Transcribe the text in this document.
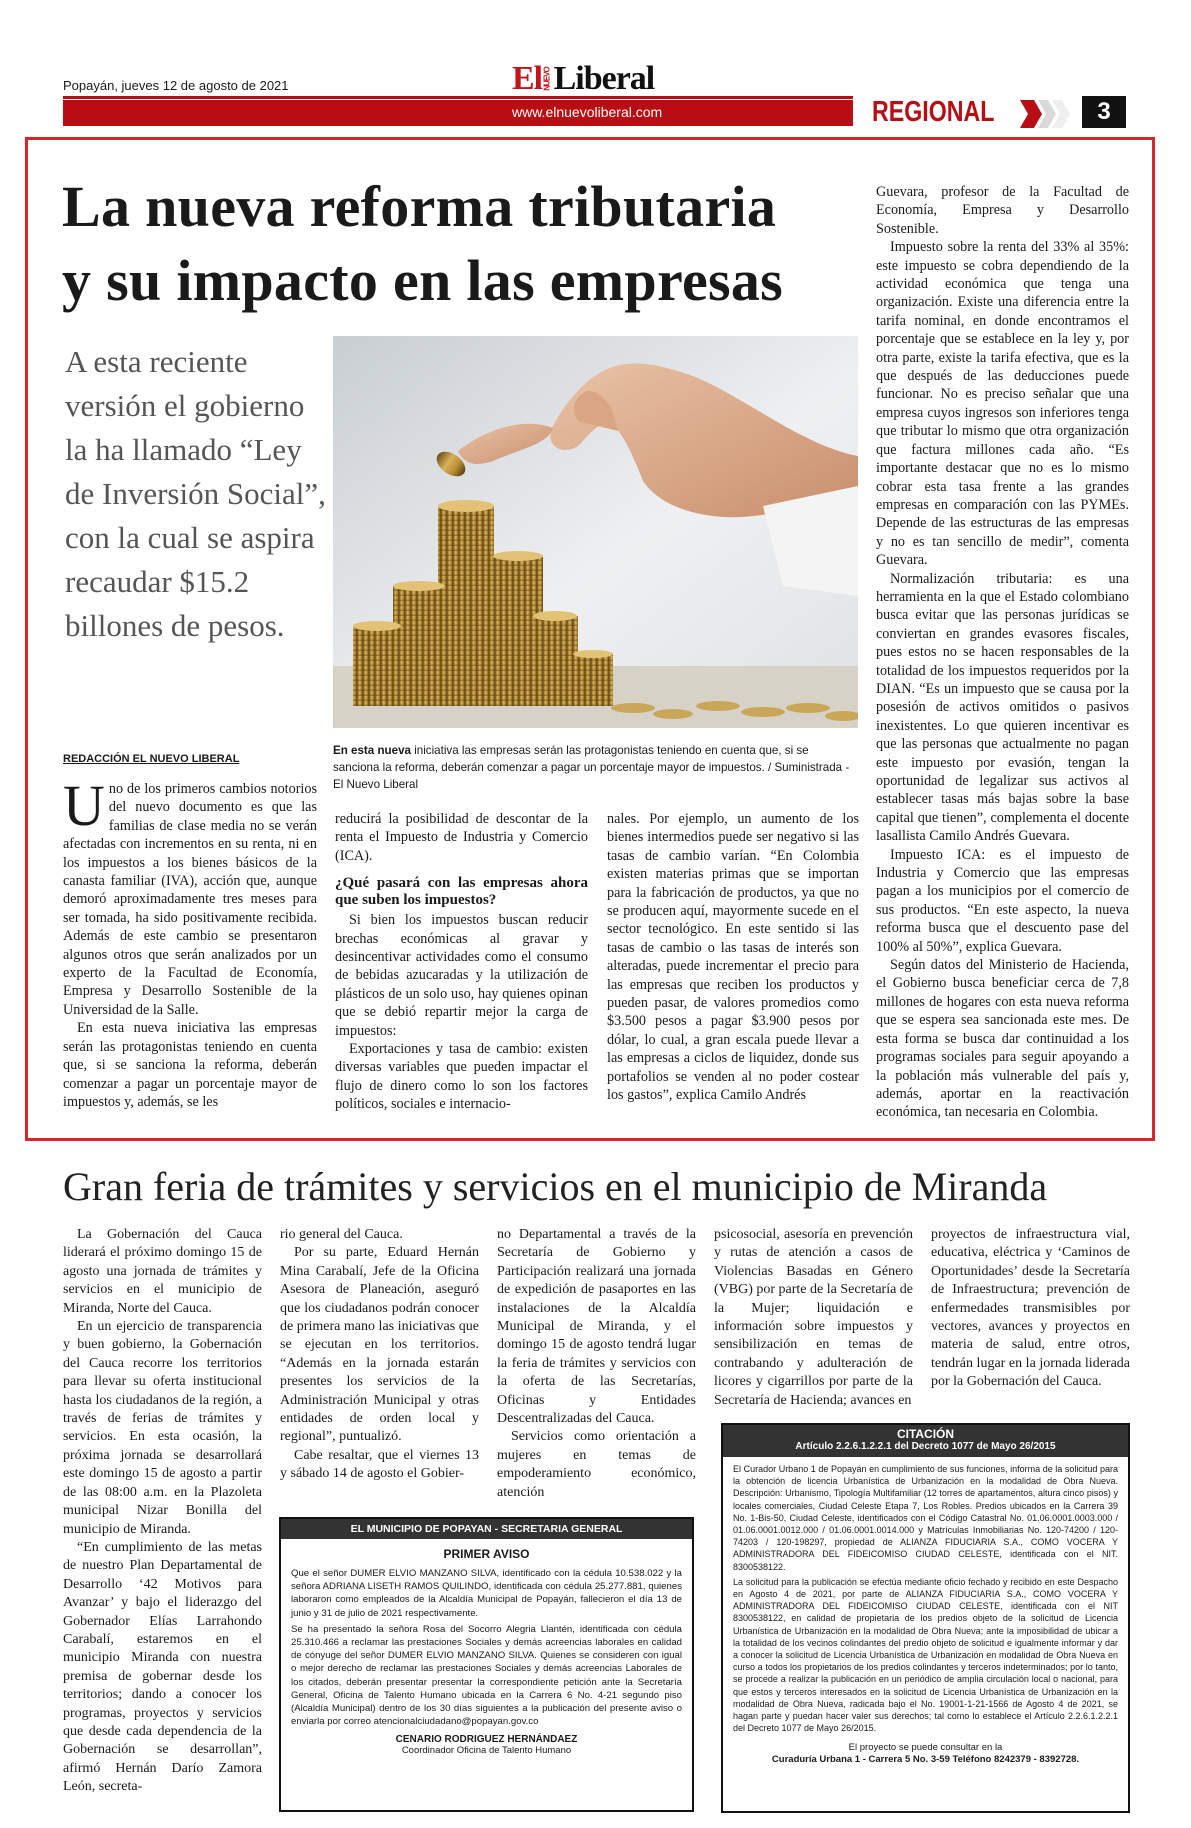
Popayán, jueves 12 de agosto de 2021	ElNUEVOLiberal
www.elnuevoliberal.com	REGIONAL	3
La nueva reforma tributaria
y su impacto en las empresas
A esta reciente versión el gobierno la ha llamado “Ley de Inversión Social”, con la cual se aspira recaudar $15.2 billones de pesos.
En esta nueva iniciativa las empresas serán las protagonistas teniendo en cuenta que, si se sanciona la reforma, deberán comenzar a pagar un porcentaje mayor de impuestos. / Suministrada - El Nuevo Liberal
REDACCIÓN EL NUEVO LIBERAL

Uno de los primeros cambios notorios del nuevo documento es que las familias de clase media no se verán afectadas con incrementos en su renta, ni en los impuestos a los bienes básicos de la canasta familiar (IVA), acción que, aunque demoró aproximadamente tres meses para ser tomada, ha sido positivamente recibida. Además de este cambio se presentaron algunos otros que serán analizados por un experto de la Facultad de Economía, Empresa y Desarrollo Sostenible de la Universidad de la Salle.

En esta nueva iniciativa las empresas serán las protagonistas teniendo en cuenta que, si se sanciona la reforma, deberán comenzar a pagar un porcentaje mayor de impuestos y, además, se les

reducirá la posibilidad de descontar de la renta el Impuesto de Industria y Comercio (ICA).

¿Qué pasará con las empresas ahora que suben los impuestos?

Si bien los impuestos buscan reducir brechas económicas al gravar y desincentivar actividades como el consumo de bebidas azucaradas y la utilización de plásticos de un solo uso, hay quienes opinan que se debió repartir mejor la carga de impuestos:

Exportaciones y tasa de cambio: existen diversas variables que pueden impactar el flujo de dinero como lo son los factores políticos, sociales e internacio-

nales. Por ejemplo, un aumento de los bienes intermedios puede ser negativo si las tasas de cambio varían. “En Colombia existen materias primas que se importan para la fabricación de productos, ya que no se producen aquí, mayormente sucede en el sector tecnológico. En este sentido si las tasas de cambio o las tasas de interés son alteradas, puede incrementar el precio para las empresas que reciben los productos y pueden pasar, de valores promedios como $3.500 pesos a pagar $3.900 pesos por dólar, lo cual, a gran escala puede llevar a las empresas a ciclos de liquidez, donde sus portafolios se venden al no poder costear los gastos”, explica Camilo Andrés

Guevara, profesor de la Facultad de Economía, Empresa y Desarrollo Sostenible.

Impuesto sobre la renta del 33% al 35%: este impuesto se cobra dependiendo de la actividad económica que tenga una organización. Existe una diferencia entre la tarifa nominal, en donde encontramos el porcentaje que se establece en la ley y, por otra parte, existe la tarifa efectiva, que es la que después de las deducciones puede funcionar. No es preciso señalar que una empresa cuyos ingresos son inferiores tenga que tributar lo mismo que otra organización que factura millones cada año. “Es importante destacar que no es lo mismo cobrar esta tasa frente a las grandes empresas en comparación con las PYMEs. Depende de las estructuras de las empresas y no es tan sencillo de medir”, comenta Guevara.

Normalización tributaria: es una herramienta en la que el Estado colombiano busca evitar que las personas jurídicas se conviertan en grandes evasores fiscales, pues estos no se hacen responsables de la totalidad de los impuestos requeridos por la DIAN. “Es un impuesto que se causa por la posesión de activos omitidos o pasivos inexistentes. Lo que quieren incentivar es que las personas que actualmente no pagan este impuesto por evasión, tengan la oportunidad de legalizar sus activos al establecer tasas más bajas sobre la base capital que tienen”, complementa el docente lasallista Camilo Andrés Guevara.

Impuesto ICA: es el impuesto de Industria y Comercio que las empresas pagan a los municipios por el comercio de sus productos. “En este aspecto, la nueva reforma busca que el descuento pase del 100% al 50%”, explica Guevara.

Según datos del Ministerio de Hacienda, el Gobierno busca beneficiar cerca de 7,8 millones de hogares con esta nueva reforma que se espera sea sancionada este mes. De esta forma se busca dar continuidad a los programas sociales para seguir apoyando a la población más vulnerable del país y, además, aportar en la reactivación económica, tan necesaria en Colombia.

Gran feria de trámites y servicios en el municipio de Miranda

La Gobernación del Cauca liderará el próximo domingo 15 de agosto una jornada de trámites y servicios en el municipio de Miranda, Norte del Cauca.

En un ejercicio de transparencia y buen gobierno, la Gobernación del Cauca recorre los territorios para llevar su oferta institucional hasta los ciudadanos de la región, a través de ferias de trámites y servicios. En esta ocasión, la próxima jornada se desarrollará este domingo 15 de agosto a partir de las 08:00 a.m. en la Plazoleta municipal Nizar Bonilla del municipio de Miranda.

“En cumplimiento de las metas de nuestro Plan Departamental de Desarrollo ‘42 Motivos para Avanzar’ y bajo el liderazgo del Gobernador Elías Larrahondo Carabalí, estaremos en el municipio Miranda con nuestra premisa de gobernar desde los territorios; dando a conocer los programas, proyectos y servicios que desde cada dependencia de la Gobernación se desarrollan”, afirmó Hernán Darío Zamora León, secreta-

rio general del Cauca.

Por su parte, Eduard Hernán Mina Carabalí, Jefe de la Oficina Asesora de Planeación, aseguró que los ciudadanos podrán conocer de primera mano las iniciativas que se ejecutan en los territorios. “Además en la jornada estarán presentes los servicios de la Administración Municipal y otras entidades de orden local y regional”, puntualizó.

Cabe resaltar, que el viernes 13 y sábado 14 de agosto el Gobier-

no Departamental a través de la Secretaría de Gobierno y Participación realizará una jornada de expedición de pasaportes en las instalaciones de la Alcaldía Municipal de Miranda, y el domingo 15 de agosto tendrá lugar la feria de trámites y servicios con la oferta de las Secretarías, Oficinas y Entidades Descentralizadas del Cauca.

Servicios como orientación a mujeres en temas de empoderamiento económico, atención

psicosocial, asesoría en prevención y rutas de atención a casos de Violencias Basadas en Género (VBG) por parte de la Secretaría de la Mujer; liquidación e información sobre impuestos y sensibilización en temas de contrabando y adulteración de licores y cigarrillos por parte de la Secretaría de Hacienda; avances en

proyectos de infraestructura vial, educativa, eléctrica y ‘Caminos de Oportunidades’ desde la Secretaría de Infraestructura; prevención de enfermedades transmisibles por vectores, avances y proyectos en materia de salud, entre otros, tendrán lugar en la jornada liderada por la Gobernación del Cauca.

EL MUNICIPIO DE POPAYAN - SECRETARIA GENERAL
PRIMER AVISO

Que el señor DUMER ELVIO MANZANO SILVA, identificado con la cédula 10.538.022 y la señora ADRIANA LISETH RAMOS QUILINDO, identificada con cédula 25.277.881, quienes laboraron como empleados de la Alcaldía Municipal de Popayán, fallecieron el día 13 de junio y 31 de julio de 2021 respectivamente.

Se ha presentado la señora Rosa del Socorro Alegria Llantén, identificada con cédula 25.310.466 a reclamar las prestaciones Sociales y demás acreencias laborales en calidad de cónyuge del señor DUMER ELVIO MANZANO SILVA. Quienes se consideren con igual o mejor derecho de reclamar las prestaciones Sociales y demás acreencias Laborales de los citados, deberán presentar presentar la correspondiente petición ante la Secretaría General, Oficina de Talento Humano ubicada en la Carrera 6 No. 4-21 segundo piso (Alcaldía Municipal) dentro de los 30 días siguientes a la publicación del presente aviso o enviarla por correo atencionalciudadano@popayan.gov.co

CENARIO RODRIGUEZ HERNÁNDAEZ
Coordinador Oficina de Talento Humano
CITACIÓN
Artículo 2.2.6.1.2.2.1 del Decreto 1077 de Mayo 26/2015

El Curador Urbano 1 de Popayán en cumplimiento de sus funciones, informa de la solicitud para la obtención de licencia Urbanística de Urbanización en la modalidad de Obra Nueva. Descripción: Urbanismo, Tipología Multifamiliar (12 torres de apartamentos, altura cinco pisos) y locales comerciales, Ciudad Celeste Etapa 7, Los Robles. Predios ubicados en la Carrera 39 No. 1-Bis-50, Ciudad Celeste, identificados con el Código Catastral No. 01.06.0001.0003.000 / 01.06.0001.0012.000 / 01.06.0001.0014.000 y Matrículas Inmobiliarias No. 120-74200 / 120-74203 / 120-198297, propiedad de ALIANZA FIDUCIARIA S.A., COMO VOCERA Y ADMINISTRADORA DEL FIDEICOMISO CIUDAD CELESTE, identificada con el NIT. 8300538122.

La solicitud para la publicación se efectúa mediante oficio fechado y recibido en este Despacho en Agosto 4 de 2021, por parte de ALIANZA FIDUCIARIA S.A., COMO VOCERA Y ADMINISTRADORA DEL FIDEICOMISO CIUDAD CELESTE, identificada con el NIT 8300538122, en calidad de propietaria de los predios objeto de la solicitud de Licencia Urbanística de Urbanización en la modalidad de Obra Nueva; ante la imposibilidad de ubicar a la totalidad de los vecinos colindantes del predio objeto de solicitud e igualmente informar y dar a conocer la solicitud de Licencia Urbanística de Urbanización en modalidad de Obra Nueva en curso a todos los propietarios de los predios colindantes y terceros indeterminados; por lo tanto, se procede a realizar la publicación en un periódico de amplia circulación local o nacional, para que estos y terceros interesados en la solicitud de Licencia Urbanística de Urbanización en la modalidad de Obra Nueva, radicada bajo el No. 19001-1-21-1566 de Agosto 4 de 2021, se hagan parte y puedan hacer valer sus derechos; tal como lo establece el Artículo 2.2.6.1.2.2.1 del Decreto 1077 de Mayo 26/2015.

El proyecto se puede consultar en la
Curaduría Urbana 1 - Carrera 5 No. 3-59 Teléfono 8242379 - 8392728.
